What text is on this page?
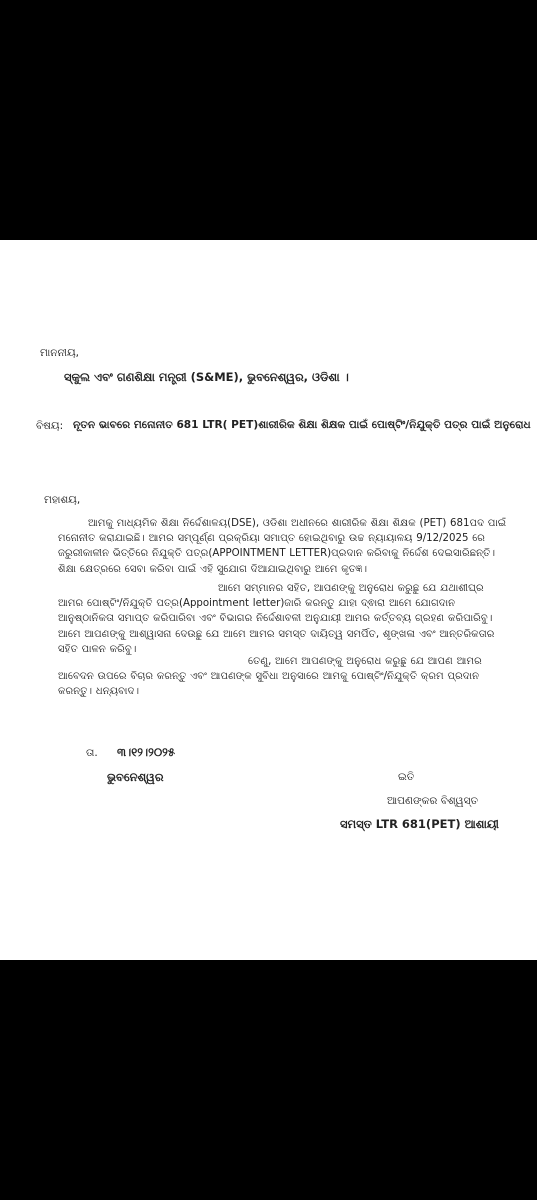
ମାନନୀୟ,
ସ୍କୁଲ ଏବଂ ଗଣଶିକ୍ଷା ମନ୍ତ୍ରୀ (S&ME), ଭୁବନେଶ୍ୱର, ଓଡିଶା ।
ବିଷୟ: ନୂତନ ଭାବରେ ମନୋନୀତ 681 LTR( PET)ଶାରୀରିକ ଶିକ୍ଷା ଶିକ୍ଷକ ପାଇଁ ପୋଷ୍ଟିଂ/ନିଯୁକ୍ତି ପତ୍ର ପାଇଁ ଅନୁରୋଧ
ମହାଶୟ,
ଆମକୁ ମାଧ୍ୟମିକ ଶିକ୍ଷା ନିର୍ଦ୍ଦେଶାଳୟ(DSE), ଓଡିଶା ଅଧୀନରେ ଶାରୀରିକ ଶିକ୍ଷା ଶିକ୍ଷକ (PET) 681ପଦ ପାଇଁ ମନୋନୀତ କରାଯାଇଛି। ଆମର ସମ୍ପୂର୍ଣ୍ଣ ପ୍ରକ୍ରିୟା ସମାପ୍ତ ହୋଇଥିବାରୁ ଉଚ୍ଚ ନ୍ୟାୟାଳୟ 9/12/2025 ରେ ଜରୁରୀକାଳୀନ ଭିତ୍ତିରେ ନିଯୁକ୍ତି ପତ୍ର(APPOINTMENT LETTER)ପ୍ରଦାନ କରିବାକୁ ନିର୍ଦ୍ଦେଶ ଦେଇସାରିଛନ୍ତି। ଶିକ୍ଷା କ୍ଷେତ୍ରରେ ସେବା କରିବା ପାଇଁ ଏହି ସୁଯୋଗ ଦିଆଯାଇଥିବାରୁ ଆମେ କୃତଜ୍ଞ।
ଆମେ ସମ୍ମାନର ସହିତ, ଆପଣଙ୍କୁ ଅନୁରୋଧ କରୁଛୁ ଯେ ଯଥାଶୀଘ୍ର ଆମର ପୋଷ୍ଟିଂ/ନିଯୁକ୍ତି ପତ୍ର(Appointment letter)ଜାରି କରନ୍ତୁ ଯାହା ଦ୍ଵାରା ଆମେ ଯୋଗଦାନ ଆନୁଷ୍ଠାନିକତା ସମାପ୍ତ କରିପାରିବା ଏବଂ ବିଭାଗର ନିର୍ଦ୍ଦେଶାବଳୀ ଅନୁଯାୟୀ ଆମର କର୍ତ୍ତବ୍ୟ ଗ୍ରହଣ କରିପାରିବୁ। ଆମେ ଆପଣଙ୍କୁ ଆଶ୍ୱାସନା ଦେଉଛୁ ଯେ ଆମେ ଆମର ସମସ୍ତ ଦାୟିତ୍ୱ ସମର୍ପିତ, ଶୃଙ୍ଖଳା ଏବଂ ଆନ୍ତରିକତାର ସହିତ ପାଳନ କରିବୁ।
ତେଣୁ, ଆମେ ଆପଣଙ୍କୁ ଅନୁରୋଧ କରୁଛୁ ଯେ ଆପଣ ଆମର ଆବେଦନ ଉପରେ ବିଚାର କରନ୍ତୁ ଏବଂ ଆପଣଙ୍କ ସୁବିଧା ଅନୁସାରେ ଆମକୁ ପୋଷ୍ଟିଂ/ନିଯୁକ୍ତି କ୍ରମ ପ୍ରଦାନ କରନ୍ତୁ। ଧନ୍ୟବାଦ।
ତା. ୩।୧୨।୨୦୨୫
ଭୁବନେଶ୍ୱର	ଇତି
ଆପଣଙ୍କର ବିଶ୍ୱସ୍ତ
ସମସ୍ତ LTR 681(PET) ଆଶାୟୀ
